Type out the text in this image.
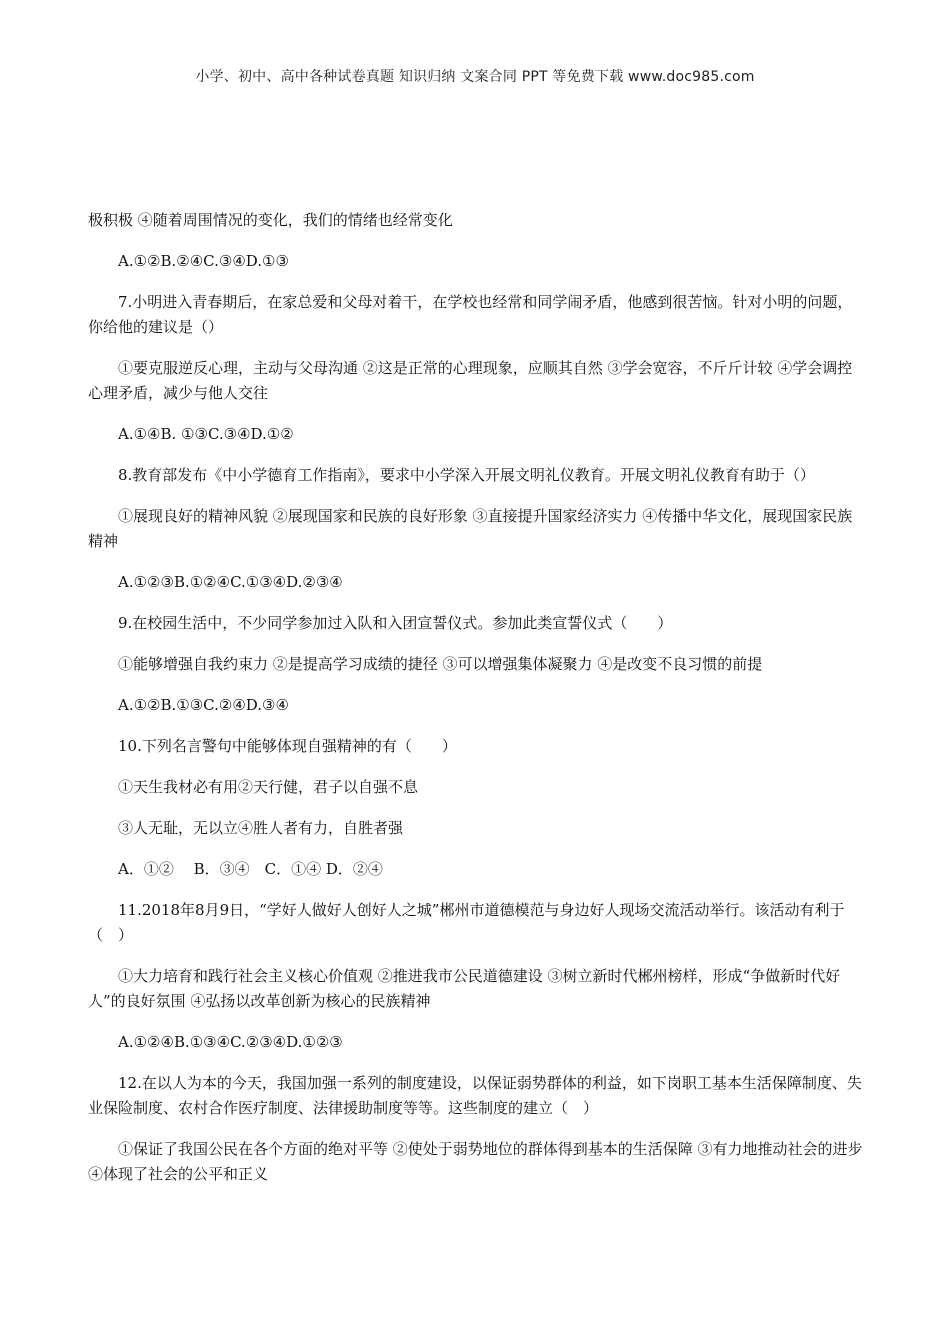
小学、初中、高中各种试卷真题 知识归纳 文案合同 PPT 等免费下载 www.doc985.com

极积极 ④随着周围情况的变化，我们的情绪也经常变化

A.①②B.②④C.③④D.①③

7.小明进入青春期后，在家总爱和父母对着干，在学校也经常和同学闹矛盾，他感到很苦恼。针对小明的问题，你给他的建议是（）

①要克服逆反心理，主动与父母沟通 ②这是正常的心理现象，应顺其自然 ③学会宽容，不斤斤计较 ④学会调控心理矛盾，减少与他人交往

A.①④B. ①③C.③④D.①②

8.教育部发布《中小学德育工作指南》，要求中小学深入开展文明礼仪教育。开展文明礼仪教育有助于（）

①展现良好的精神风貌 ②展现国家和民族的良好形象 ③直接提升国家经济实力 ④传播中华文化，展现国家民族精神

A.①②③B.①②④C.①③④D.②③④

9.在校园生活中，不少同学参加过入队和入团宣誓仪式。参加此类宣誓仪式（　　）

①能够增强自我约束力 ②是提高学习成绩的捷径 ③可以增强集体凝聚力 ④是改变不良习惯的前提

A.①②B.①③C.②④D.③④

10.下列名言警句中能够体现自强精神的有（　　）

①天生我材必有用②天行健，君子以自强不息

③人无耻，无以立④胜人者有力，自胜者强

A．①②　 B．③④　C．①④ D．②④

11.2018年8月9日，“学好人做好人创好人之城”郴州市道德模范与身边好人现场交流活动举行。该活动有利于（　）

①大力培育和践行社会主义核心价值观 ②推进我市公民道德建设 ③树立新时代郴州榜样，形成“争做新时代好人”的良好氛围 ④弘扬以改革创新为核心的民族精神

A.①②④B.①③④C.②③④D.①②③

12.在以人为本的今天，我国加强一系列的制度建设，以保证弱势群体的利益，如下岗职工基本生活保障制度、失业保险制度、农村合作医疗制度、法律援助制度等等。这些制度的建立（　）

①保证了我国公民在各个方面的绝对平等 ②使处于弱势地位的群体得到基本的生活保障 ③有力地推动社会的进步 ④体现了社会的公平和正义
